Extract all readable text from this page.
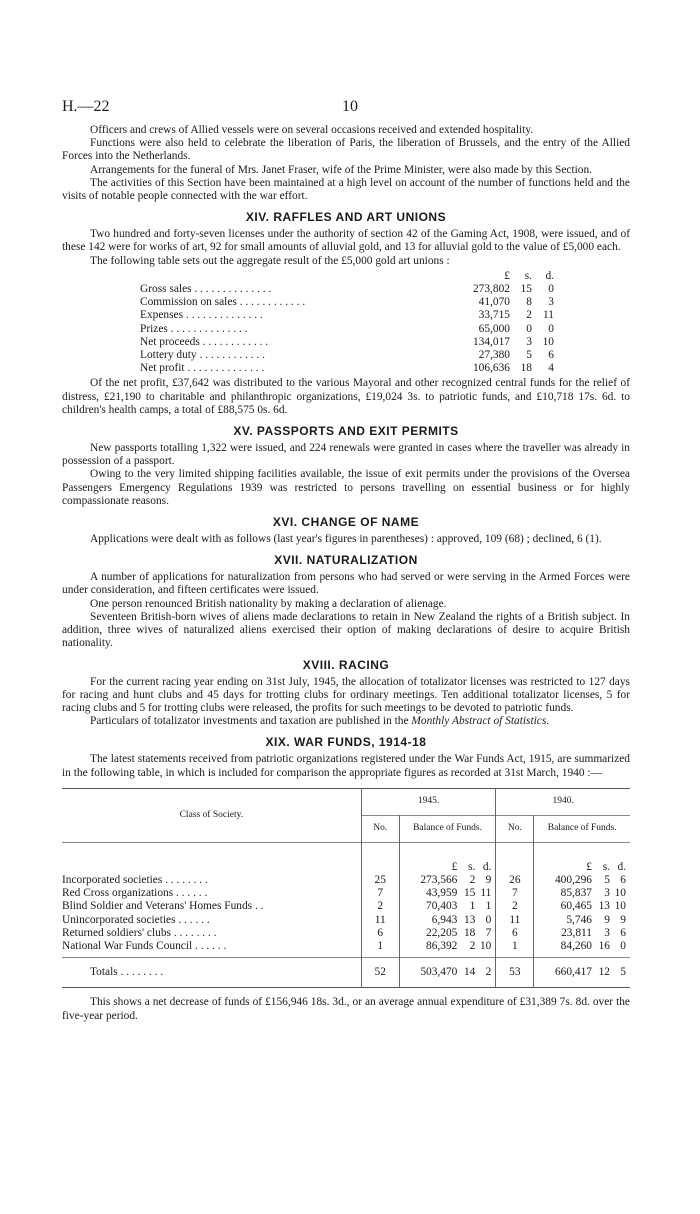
H.—22	10

Officers and crews of Allied vessels were on several occasions received and extended hospitality.

Functions were also held to celebrate the liberation of Paris, the liberation of Brussels, and the entry of the Allied Forces into the Netherlands.

Arrangements for the funeral of Mrs. Janet Fraser, wife of the Prime Minister, were also made by this Section.

The activities of this Section have been maintained at a high level on account of the number of functions held and the visits of notable people connected with the war effort.

XIV. RAFFLES AND ART UNIONS

Two hundred and forty-seven licenses under the authority of section 42 of the Gaming Act, 1908, were issued, and of these 142 were for works of art, 92 for small amounts of alluvial gold, and 13 for alluvial gold to the value of £5,000 each.

The following table sets out the aggregate result of the £5,000 gold art unions :

	£	s.	d.
Gross sales . . . . . . . . . . . . . .	273,802	15	0
Commission on sales . . . . . . . . . . . .	41,070	8	3
Expenses . . . . . . . . . . . . . .	33,715	2	11
Prizes . . . . . . . . . . . . . .	65,000	0	0
Net proceeds . . . . . . . . . . . .	134,017	3	10
Lottery duty . . . . . . . . . . . .	27,380	5	6
Net profit . . . . . . . . . . . . . .	106,636	18	4

Of the net profit, £37,642 was distributed to the various Mayoral and other recognized central funds for the relief of distress, £21,190 to charitable and philanthropic organizations, £19,024 3s. to patriotic funds, and £10,718 17s. 6d. to children's health camps, a total of £88,575 0s. 6d.

XV. PASSPORTS AND EXIT PERMITS

New passports totalling 1,322 were issued, and 224 renewals were granted in cases where the traveller was already in possession of a passport.

Owing to the very limited shipping facilities available, the issue of exit permits under the provisions of the Oversea Passengers Emergency Regulations 1939 was restricted to persons travelling on essential business or for highly compassionate reasons.

XVI. CHANGE OF NAME

Applications were dealt with as follows (last year's figures in parentheses) : approved, 109 (68) ; declined, 6 (1).

XVII. NATURALIZATION

A number of applications for naturalization from persons who had served or were serving in the Armed Forces were under consideration, and fifteen certificates were issued.

One person renounced British nationality by making a declaration of alienage.

Seventeen British-born wives of aliens made declarations to retain in New Zealand the rights of a British subject. In addition, three wives of naturalized aliens exercised their option of making declarations of desire to acquire British nationality.

XVIII. RACING

For the current racing year ending on 31st July, 1945, the allocation of totalizator licenses was restricted to 127 days for racing and hunt clubs and 45 days for trotting clubs for ordinary meetings. Ten additional totalizator licenses, 5 for racing clubs and 5 for trotting clubs were released, the profits for such meetings to be devoted to patriotic funds.

Particulars of totalizator investments and taxation are published in the Monthly Abstract of Statistics.

XIX. WAR FUNDS, 1914-18

The latest statements received from patriotic organizations registered under the War Funds Act, 1915, are summarized in the following table, in which is included for comparison the appropriate figures as recorded at 31st March, 1940 :—

Class of Society.	1945.		1940.	
	No.	Balance of Funds.	No.	Balance of Funds.

		£ s. d.		£ s. d.

Incorporated societies . . . . . . . .	25	273,566 2 9	26	400,296 5 6

Red Cross organizations . . . . . .	7	43,959 15 11	7	85,837 3 10

Blind Soldier and Veterans' Homes Funds . .	2	70,403 1 1	2	60,465 13 10

Unincorporated societies . . . . . .	11	6,943 13 0	11	5,746 9 9

Returned soldiers' clubs . . . . . . . .	6	22,205 18 7	6	23,811 3 6

National War Funds Council . . . . . .	1	86,392 2 10	1	84,260 16 0

Totals . . . . . . . .	52	503,470 14 2	53	660,417 12 5

This shows a net decrease of funds of £156,946 18s. 3d., or an average annual expenditure of £31,389 7s. 8d. over the five-year period.
